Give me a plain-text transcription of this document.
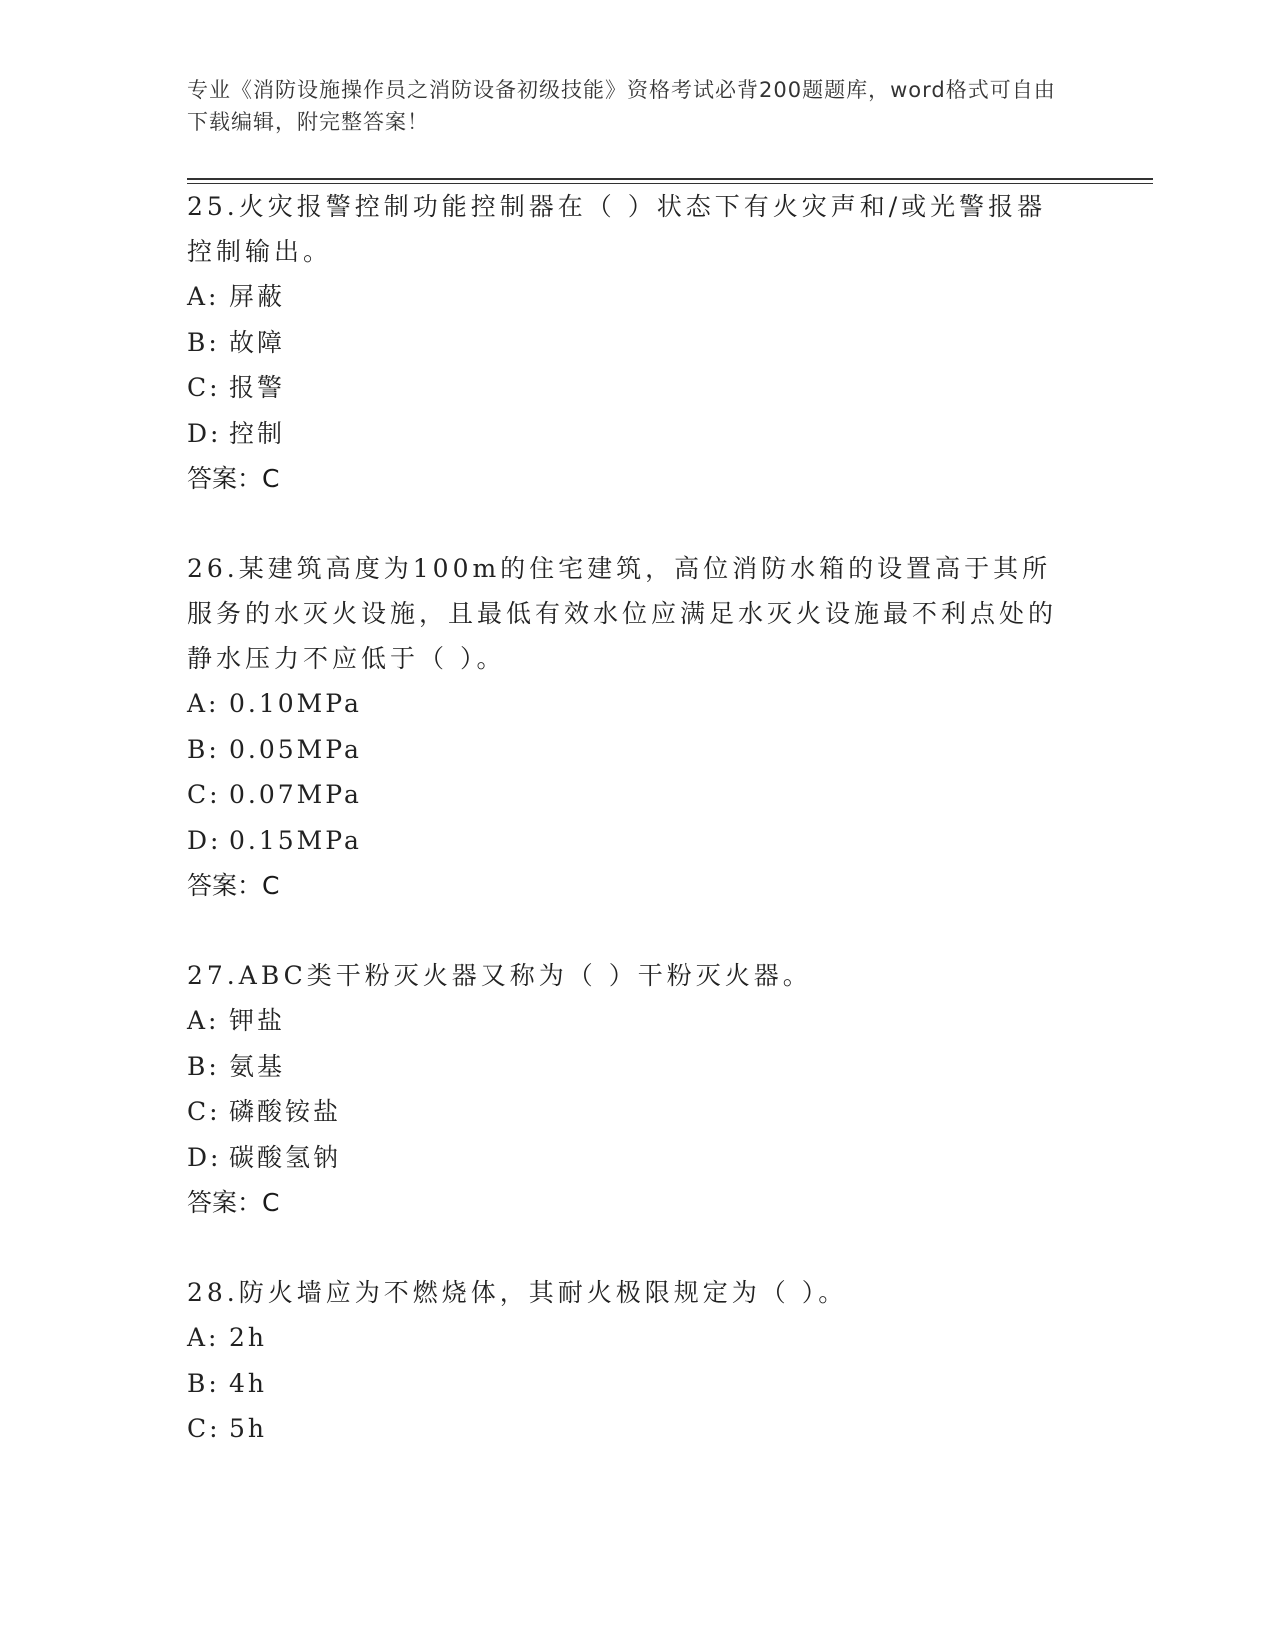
专业《消防设施操作员之消防设备初级技能》资格考试必背200题题库，word格式可自由下载编辑，附完整答案！

25.火灾报警控制功能控制器在（ ）状态下有火灾声和/或光警报器控制输出。

A: 屏蔽

B: 故障

C: 报警

D: 控制

答案：C

26.某建筑高度为100m的住宅建筑，高位消防水箱的设置高于其所服务的水灭火设施，且最低有效水位应满足水灭火设施最不利点处的静水压力不应低于（ ）。

A: 0.10MPa

B: 0.05MPa

C: 0.07MPa

D: 0.15MPa

答案：C

27.ABC类干粉灭火器又称为（ ）干粉灭火器。

A: 钾盐

B: 氨基

C: 磷酸铵盐

D: 碳酸氢钠

答案：C

28.防火墙应为不燃烧体，其耐火极限规定为（ ）。

A: 2h

B: 4h

C: 5h
